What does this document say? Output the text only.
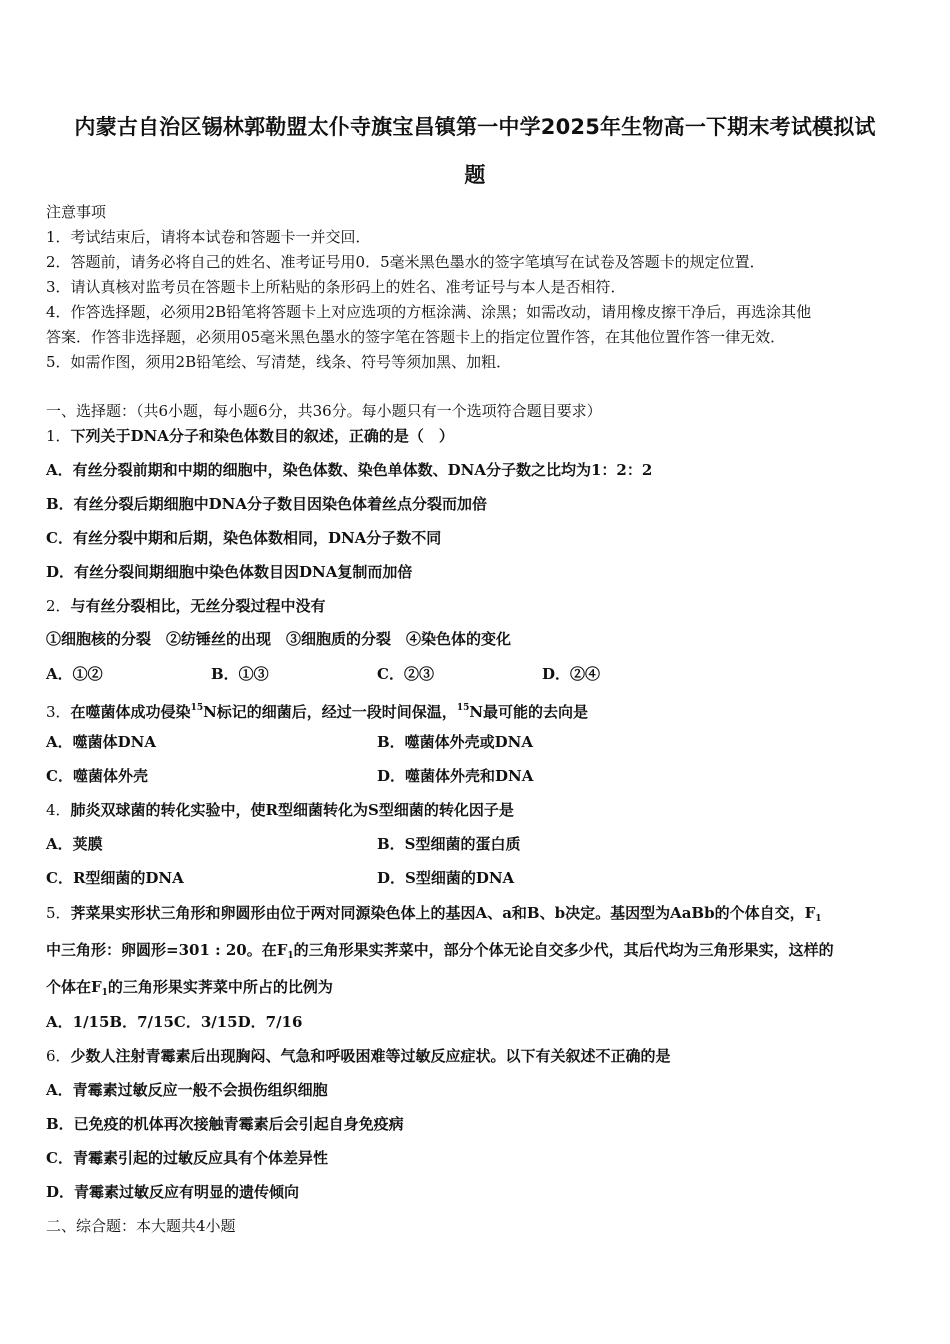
内蒙古自治区锡林郭勒盟太仆寺旗宝昌镇第一中学2025年生物高一下期末考试模拟试
题
注意事项
1．考试结束后，请将本试卷和答题卡一并交回．
2．答题前，请务必将自己的姓名、准考证号用0．5毫米黑色墨水的签字笔填写在试卷及答题卡的规定位置．
3．请认真核对监考员在答题卡上所粘贴的条形码上的姓名、准考证号与本人是否相符．
4．作答选择题，必须用2B铅笔将答题卡上对应选项的方框涂满、涂黑；如需改动，请用橡皮擦干净后，再选涂其他
答案．作答非选择题，必须用05毫米黑色墨水的签字笔在答题卡上的指定位置作答，在其他位置作答一律无效．
5．如需作图，须用2B铅笔绘、写清楚，线条、符号等须加黑、加粗．
一、选择题：（共6小题，每小题6分，共36分。每小题只有一个选项符合题目要求）
1．下列关于DNA分子和染色体数目的叙述，正确的是（　）
A．有丝分裂前期和中期的细胞中，染色体数、染色单体数、DNA分子数之比均为1：2：2
B．有丝分裂后期细胞中DNA分子数目因染色体着丝点分裂而加倍
C．有丝分裂中期和后期，染色体数相同，DNA分子数不同
D．有丝分裂间期细胞中染色体数目因DNA复制而加倍
2．与有丝分裂相比，无丝分裂过程中没有
①细胞核的分裂　②纺锤丝的出现　③细胞质的分裂　④染色体的变化
A．①②	B．①③	C．②③	D．②④
3．在噬菌体成功侵染$^{15}$N标记的细菌后，经过一段时间保温，$^{15}$N最可能的去向是
A．噬菌体DNA	B．噬菌体外壳或DNA
C．噬菌体外壳	D．噬菌体外壳和DNA
4．肺炎双球菌的转化实验中，使R型细菌转化为S型细菌的转化因子是
A．荚膜	B．S型细菌的蛋白质
C．R型细菌的DNA	D．S型细菌的DNA
5．荠菜果实形状三角形和卵圆形由位于两对同源染色体上的基因A、a和B、b决定。基因型为AaBb的个体自交，$F_1$
中三角形：卵圆形=301 : 20。在$F_1$的三角形果实荠菜中，部分个体无论自交多少代，其后代均为三角形果实，这样的
个体在$F_1$的三角形果实荠菜中所占的比例为
A．1/15B．7/15C．3/15D．7/16
6．少数人注射青霉素后出现胸闷、气急和呼吸困难等过敏反应症状。以下有关叙述不正确的是
A．青霉素过敏反应一般不会损伤组织细胞
B．已免疫的机体再次接触青霉素后会引起自身免疫病
C．青霉素引起的过敏反应具有个体差异性
D．青霉素过敏反应有明显的遗传倾向
二、综合题：本大题共4小题
